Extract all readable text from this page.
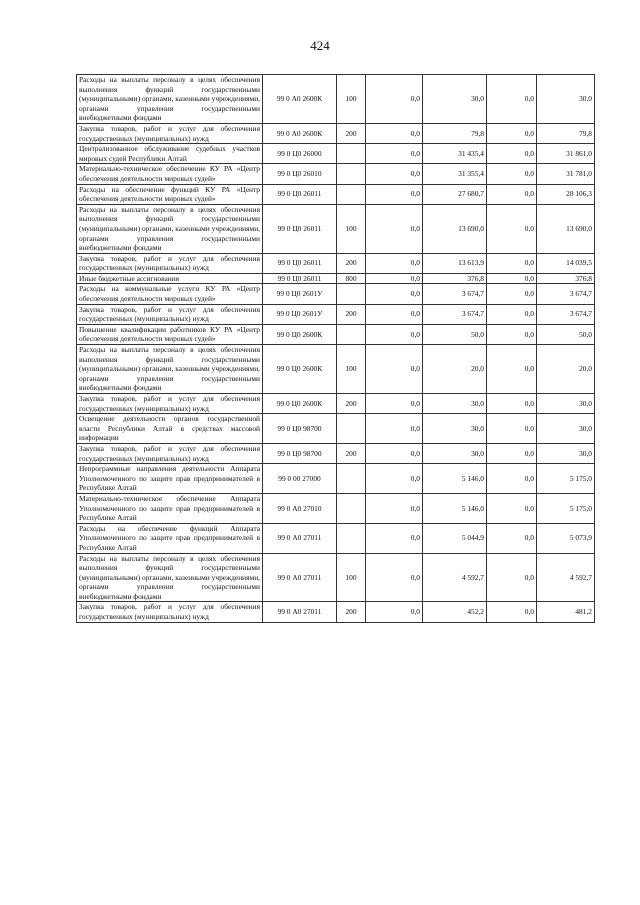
424
Расходы на выплаты персоналу в целях обеспечения выполнения функций государственными (муниципальными) органами, казенными учреждениями, органами управления государственными внебюджетными фондами	99 0 А0 2600К	100	0,0	30,0	0,0	30,0
Закупка товаров, работ и услуг для обеспечения государственных (муниципальных) нужд	99 0 А0 2600К	200	0,0	79,8	0,0	79,8
Централизованное обслуживание судебных участков мировых судей Республики Алтай	99 0 Ц0 26000		0,0	31 435,4	0,0	31 861,0
Материально-техническое обеспечение КУ РА «Центр обеспечения деятельности мировых судей»	99 0 Ц0 26010		0,0	31 355,4	0,0	31 781,0
Расходы на обеспечение функций КУ РА «Центр обеспечения деятельности мировых судей»	99 0 Ц0 26011		0,0	27 680,7	0,0	28 106,3
Расходы на выплаты персоналу в целях обеспечения выполнения функций государственными (муниципальными) органами, казенными учреждениями, органами управления государственными внебюджетными фондами	99 0 Ц0 26011	100	0,0	13 690,0	0,0	13 690,0
Закупка товаров, работ и услуг для обеспечения государственных (муниципальных) нужд	99 0 Ц0 26011	200	0,0	13 613,9	0,0	14 039,5
Иные бюджетные ассигнования	99 0 Ц0 26011	800	0,0	376,8	0,0	376,8
Расходы на коммунальные услуги КУ РА «Центр обеспечения деятельности мировых судей»	99 0 Ц0 2601У		0,0	3 674,7	0,0	3 674,7
Закупка товаров, работ и услуг для обеспечения государственных (муниципальных) нужд	99 0 Ц0 2601У	200	0,0	3 674,7	0,0	3 674,7
Повышение квалификации работников КУ РА «Центр обеспечения деятельности мировых судей»	99 0 Ц0 2600К		0,0	50,0	0,0	50,0
Расходы на выплаты персоналу в целях обеспечения выполнения функций государственными (муниципальными) органами, казенными учреждениями, органами управления государственными внебюджетными фондами	99 0 Ц0 2600К	100	0,0	20,0	0,0	20,0
Закупка товаров, работ и услуг для обеспечения государственных (муниципальных) нужд	99 0 Ц0 2600К	200	0,0	30,0	0,0	30,0
Освещение деятельности органов государственной власти Республики Алтай в средствах массовой информации	99 0 Ц0 98700		0,0	30,0	0,0	30,0
Закупка товаров, работ и услуг для обеспечения государственных (муниципальных) нужд	99 0 Ц0 98700	200	0,0	30,0	0,0	30,0
Непрограммные направления деятельности Аппарата Уполномоченного по защите прав предпринимателей в Республике Алтай	99 0 00 27000		0,0	5 146,0	0,0	5 175,0
Материально-техническое обеспечение Аппарата Уполномоченного по защите прав предпринимателей в Республике Алтай	99 0 А0 27010		0,0	5 146,0	0,0	5 175,0
Расходы на обеспечение функций Аппарата Уполномоченного по защите прав предпринимателей в Республике Алтай	99 0 А0 27011		0,0	5 044,9	0,0	5 073,9
Расходы на выплаты персоналу в целях обеспечения выполнения функций государственными (муниципальными) органами, казенными учреждениями, органами управления государственными внебюджетными фондами	99 0 А0 27011	100	0,0	4 592,7	0,0	4 592,7
Закупка товаров, работ и услуг для обеспечения государственных (муниципальных) нужд	99 0 А0 27011	200	0,0	452,2	0,0	481,2
